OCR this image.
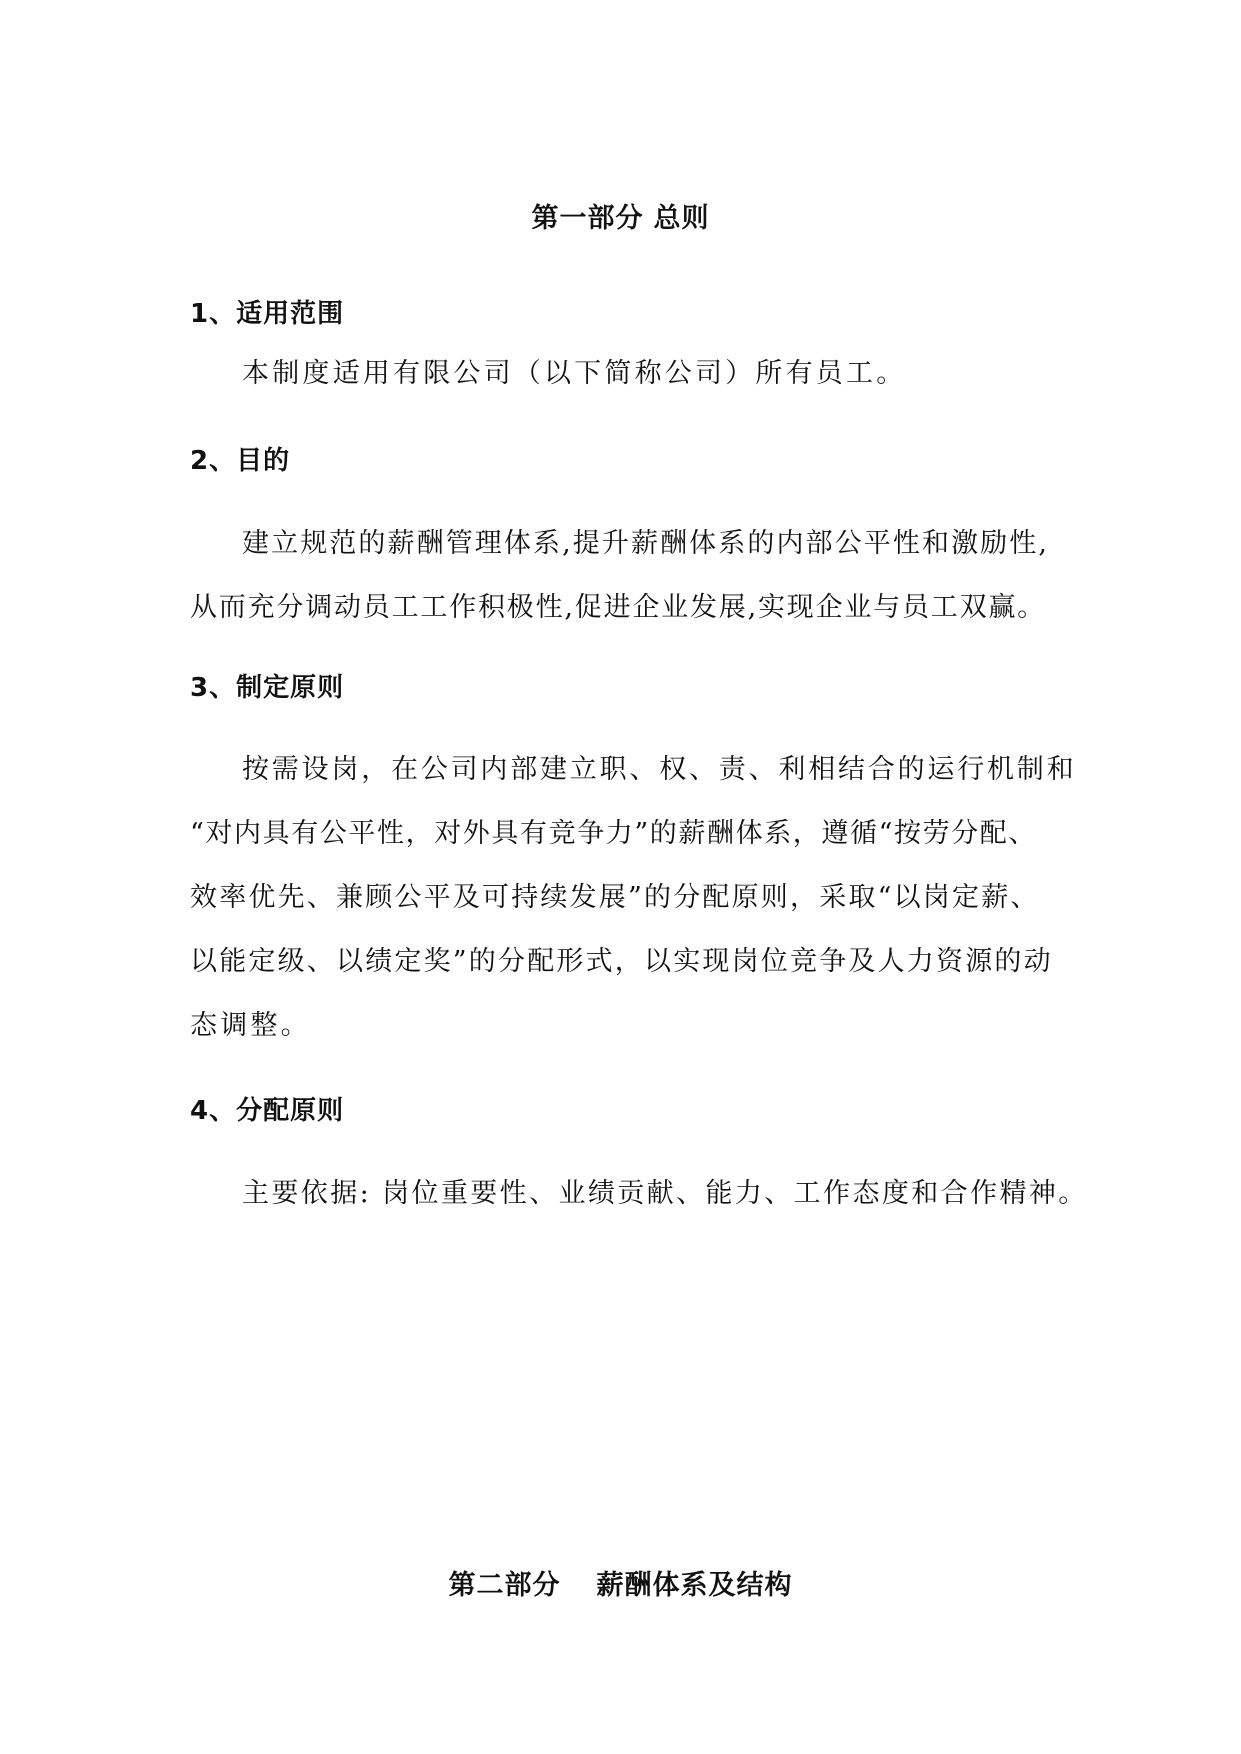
第一部分 总则
1、适用范围
本制度适用有限公司（以下简称公司）所有员工。
2、目的
建立规范的薪酬管理体系,提升薪酬体系的内部公平性和激励性,
从而充分调动员工工作积极性,促进企业发展,实现企业与员工双赢。
3、制定原则
按需设岗，在公司内部建立职、权、责、利相结合的运行机制和
“对内具有公平性，对外具有竞争力”的薪酬体系，遵循“按劳分配、
效率优先、兼顾公平及可持续发展”的分配原则，采取“以岗定薪、
以能定级、以绩定奖”的分配形式，以实现岗位竞争及人力资源的动
态调整。
4、分配原则
主要依据: 岗位重要性、业绩贡献、能力、工作态度和合作精神。
第二部分 薪酬体系及结构
